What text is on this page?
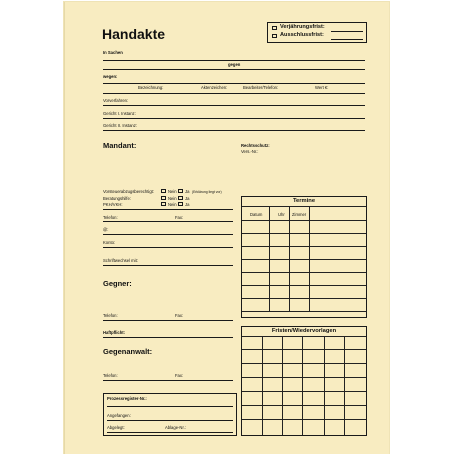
Handakte	Verjährungsfrist:
Ausschlussfrist:
In Sachen
gegen
wegen:
Bezeichnung:	Aktenzeichen:	Bearbeiter/Telefon:	Wert €:
Vorverfahren:
Gericht I. Instanz:
Gericht II. Instanz:
Mandant:	Rechtsschutz:
Vers.-Nr.:
Vorsteuerabzugsberechtigt:	Nein Ja (Erklärung liegt vor)
Beratungshilfe:	Nein Ja
PKH/VKH:	Nein Ja
Telefon:	Fax:
@:
Konto:
Schriftwechsel mit:
Gegner:
Telefon:	Fax:
Haftpflicht:
Gegenanwalt:
Telefon:	Fax:
Prozessregister-Nr.:
Angefangen:
Abgelegt:	Ablage-Nr.:
Termine
Datum	Uhr Zimmer
Fristen/Wiedervorlagen
